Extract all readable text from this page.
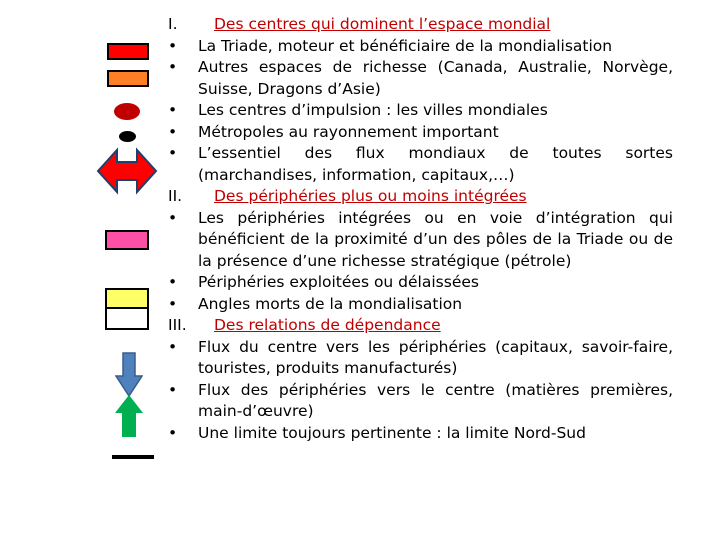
I.	Des centres qui dominent l’espace mondial
•	La Triade, moteur et bénéficiaire de la mondialisation
•	Autres espaces de richesse (Canada, Australie, Norvège, Suisse, Dragons d’Asie)
•	Les centres d’impulsion : les villes mondiales
•	Métropoles au rayonnement important
•	L’essentiel des flux mondiaux de toutes sortes (marchandises, information, capitaux,…)
II.	Des périphéries plus ou moins intégrées
•	Les périphéries intégrées ou en voie d’intégration qui bénéficient de la proximité d’un des pôles de la Triade ou de la présence d’une richesse stratégique (pétrole)
•	Périphéries exploitées ou délaissées
•	Angles morts de la mondialisation
III.	Des relations de dépendance
•	Flux du centre vers les périphéries (capitaux, savoir-faire, touristes, produits manufacturés)
•	Flux des périphéries vers le centre (matières premières, main-d’œuvre)
•	Une limite toujours pertinente : la limite Nord-Sud
